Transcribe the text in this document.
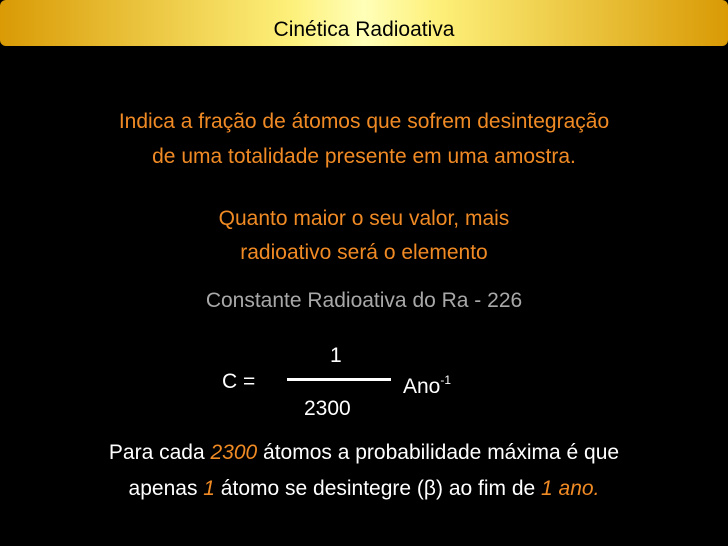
Cinética Radioativa
Constante Radioativa
Indica a fração de átomos que sofrem desintegração
de uma totalidade presente em uma amostra.
Quanto maior o seu valor, mais
radioativo será o elemento
Constante Radioativa do Ra - 226
C =
1
2300
Ano$^{-1}$
Para cada 2300 átomos a probabilidade máxima é que
apenas 1 átomo se desintegre (β) ao fim de 1 ano.
